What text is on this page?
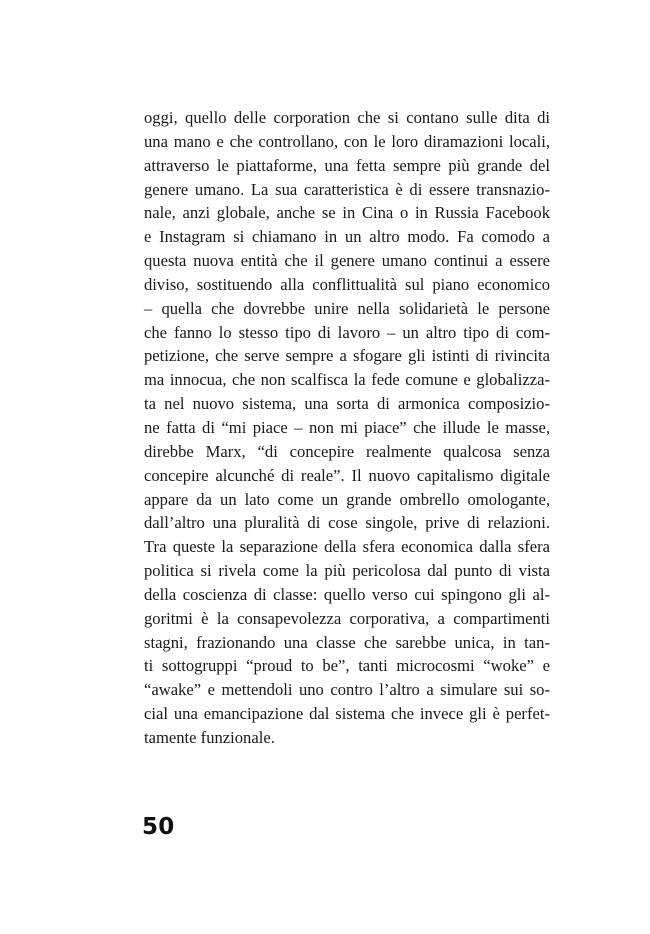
oggi, quello delle corporation che si contano sulle dita di
una mano e che controllano, con le loro diramazioni locali,
attraverso le piattaforme, una fetta sempre più grande del
genere umano. La sua caratteristica è di essere transnazio-
nale, anzi globale, anche se in Cina o in Russia Facebook
e Instagram si chiamano in un altro modo. Fa comodo a
questa nuova entità che il genere umano continui a essere
diviso, sostituendo alla conflittualità sul piano economico
– quella che dovrebbe unire nella solidarietà le persone
che fanno lo stesso tipo di lavoro – un altro tipo di com-
petizione, che serve sempre a sfogare gli istinti di rivincita
ma innocua, che non scalfisca la fede comune e globalizza-
ta nel nuovo sistema, una sorta di armonica composizio-
ne fatta di “mi piace – non mi piace” che illude le masse,
direbbe Marx, “di concepire realmente qualcosa senza
concepire alcunché di reale”. Il nuovo capitalismo digitale
appare da un lato come un grande ombrello omologante,
dall’altro una pluralità di cose singole, prive di relazioni.
Tra queste la separazione della sfera economica dalla sfera
politica si rivela come la più pericolosa dal punto di vista
della coscienza di classe: quello verso cui spingono gli al-
goritmi è la consapevolezza corporativa, a compartimenti
stagni, frazionando una classe che sarebbe unica, in tan-
ti sottogruppi “proud to be”, tanti microcosmi “woke” e
“awake” e mettendoli uno contro l’altro a simulare sui so-
cial una emancipazione dal sistema che invece gli è perfet-
tamente funzionale.

50
